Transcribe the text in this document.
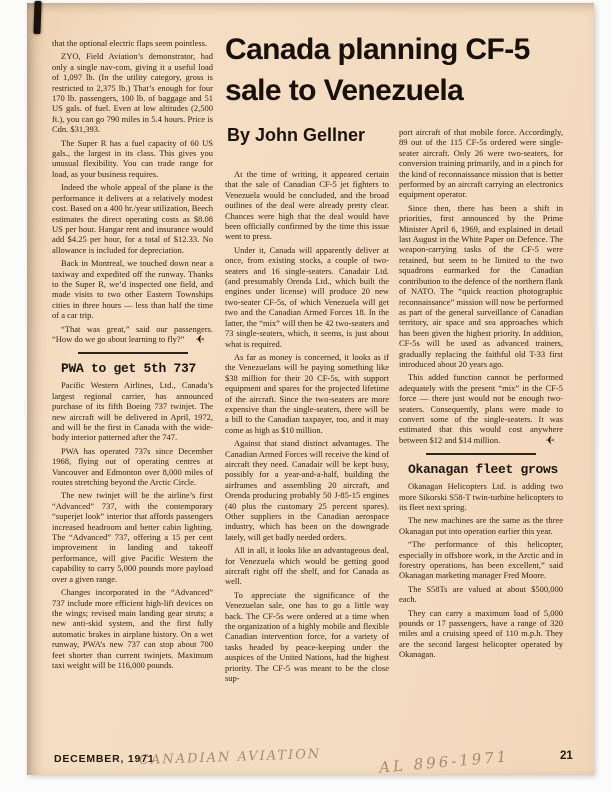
that the optional electric flaps seem pointless.

ZYO, Field Aviation’s demonstrator, had only a single nav-com, giving it a useful load of 1,097 lb. (In the utility category, gross is restricted to 2,375 lb.) That’s enough for four 170 lb. passengers, 100 lb. of baggage and 51 US gals. of fuel. Even at low altitudes (2,500 ft.), you can go 790 miles in 5.4 hours. Price is Cdn. $31,393.

The Super R has a fuel capacity of 60 US gals., the largest in its class. This gives you unusual flexibility. You can trade range for load, as your business requires.

Indeed the whole appeal of the plane is the performance it delivers at a relatively modest cost. Based on a 400 hr./year utilization, Beech estimates the direct operating costs as $8.08 US per hour. Hangar rent and insurance would add $4.25 per hour, for a total of $12.33. No allowance is included for depreciation.

Back in Montreal, we touched down near a taxiway and expedited off the runway. Thanks to the Super R, we’d inspected one field, and made visits to two other Eastern Townships cities in three hours — less than half the time of a car trip.

“That was great,” said our passengers. “How do we go about learning to fly?” ✈

PWA to get 5th 737

Pacific Western Airlines, Ltd., Canada’s largest regional carrier, has announced purchase of its fifth Boeing 737 twinjet. The new aircraft will be delivered in April, 1972, and will be the first in Canada with the wide-body interior patterned after the 747.

PWA has operated 737s since December 1968, flying out of operating centres at Vancouver and Edmonton over 8,000 miles of routes stretching beyond the Arctic Circle.

The new twinjet will be the airline’s first “Advanced” 737, with the contemporary “superjet look” interior that affords passengers increased headroom and better cabin lighting. The “Advanced” 737, offering a 15 per cent improvement in landing and takeoff performance, will give Pacific Western the capability to carry 5,000 pounds more payload over a given range.

Changes incorporated in the “Advanced” 737 include more efficient high-lift devices on the wings; revised main landing gear struts; a new anti-skid system, and the first fully automatic brakes in airplane history. On a wet runway, PWA’s new 737 can stop about 700 feet shorter than current twinjets. Maximum taxi weight will be 116,000 pounds.

Canada planning CF-5
sale to Venezuela
By John Gellner

At the time of writing, it appeared certain that the sale of Canadian CF-5 jet fighters to Venezuela would be concluded, and the broad outlines of the deal were already pretty clear. Chances were high that the deal would have been officially confirmed by the time this issue went to press.

Under it, Canada will apparently deliver at once, from existing stocks, a couple of two-seaters and 16 single-seaters. Canadair Ltd. (and presumably Orenda Ltd., which built the engines under license) will produce 20 new two-seater CF-5s, of which Venezuela will get two and the Canadian Armed Forces 18. In the latter, the “mix” will then be 42 two-seaters and 73 single-seaters, which, it seems, is just about what is required.

As far as money is concerned, it looks as if the Venezuelans will be paying something like $38 million for their 20 CF-5s, with support equipment and spares for the projected lifetime of the aircraft. Since the two-seaters are more expensive than the single-seaters, there will be a bill to the Canadian taxpayer, too, and it may come as high as $10 million.

Against that stand distinct advantages. The Canadian Armed Forces will receive the kind of aircraft they need. Canadair will be kept busy, possibly for a year-and-a-half, building the airframes and assembling 20 aircraft, and Orenda producing probably 50 J-85-15 engines (40 plus the customary 25 percent spares). Other suppliers in the Canadian aerospace industry, which has been on the downgrade lately, will get badly needed orders.

All in all, it looks like an advantageous deal, for Venezuela which would be getting good aircraft right off the shelf, and for Canada as well.

To appreciate the significance of the Venezuelan sale, one has to go a little way back. The CF-5s were ordered at a time when the organization of a highly mobile and flexible Canadian intervention force, for a variety of tasks headed by peace-keeping under the auspices of the United Nations, had the highest priority. The CF-5 was meant to be the close sup-

port aircraft of that mobile force. Accordingly, 89 out of the 115 CF-5s ordered were single-seater aircraft. Only 26 were two-seaters, for conversion training primarily, and in a pinch for the kind of reconnaissance mission that is better performed by an aircraft carrying an electronics equipment operator.

Since then, there has been a shift in priorities, first announced by the Prime Minister April 6, 1969, and explained in detail last August in the White Paper on Defence. The weapon-carrying tasks of the CF-5 were retained, but seem to be limited to the two squadrons earmarked for the Canadian contribution to the defence of the northern flank of NATO. The “quick reaction photographic reconnaissance” mission will now be performed as part of the general surveillance of Canadian territory, air space and sea approaches which has been given the highest priority. In addition, CF-5s will be used as advanced trainers, gradually replacing the faithful old T-33 first introduced about 20 years ago.

This added function cannot be performed adequately with the present “mix” in the CF-5 force — there just would not be enough two-seaters. Consequently, plans were made to convert some of the single-seaters. It was estimated that this would cost anywhere between $12 and $14 million.	✈

Okanagan fleet grows

Okanagan Helicopters Ltd. is adding two more Sikorski S58-T twin-turbine helicopters to its fleet next spring.

The new machines are the same as the three Okanagan put into operation earlier this year.

“The performance of this helicopter, especially in offshore work, in the Arctic and in forestry operations, has been excellent,” said Okanagan marketing manager Fred Moore.

The S58Ts are valued at about $500,000 each.

They can carry a maximum load of 5,000 pounds or 17 passengers, have a range of 320 miles and a cruising speed of 110 m.p.h. They are the second largest helicopter operated by Okanagan.

DECEMBER, 1971	21
CANADIAN AVIATION	AL 896-1971
